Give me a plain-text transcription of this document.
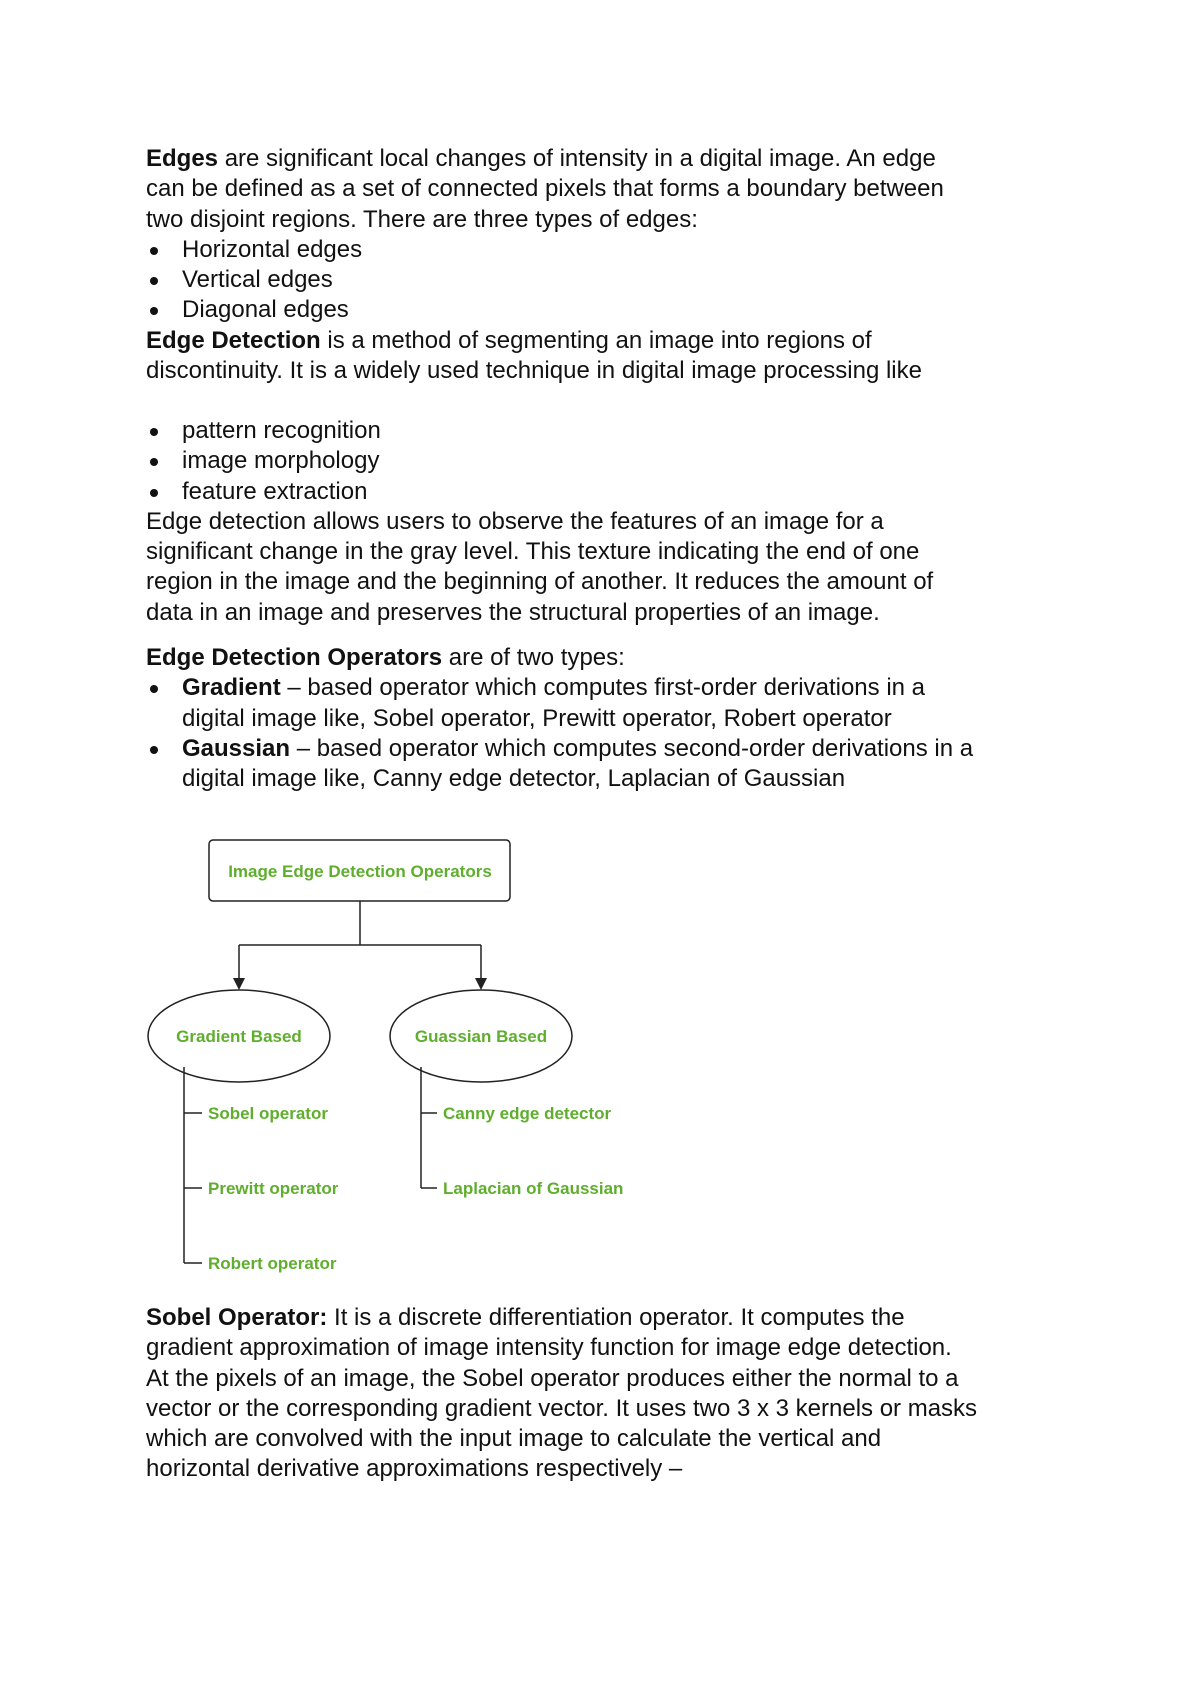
Edges are significant local changes of intensity in a digital image. An edge
can be defined as a set of connected pixels that forms a boundary between
two disjoint regions. There are three types of edges:
Horizontal edges
Vertical edges
Diagonal edges
Edge Detection is a method of segmenting an image into regions of
discontinuity. It is a widely used technique in digital image processing like
pattern recognition
image morphology
feature extraction
Edge detection allows users to observe the features of an image for a
significant change in the gray level. This texture indicating the end of one
region in the image and the beginning of another. It reduces the amount of
data in an image and preserves the structural properties of an image.
Edge Detection Operators are of two types:
Gradient – based operator which computes first-order derivations in a
digital image like, Sobel operator, Prewitt operator, Robert operator
Gaussian – based operator which computes second-order derivations in a
digital image like, Canny edge detector, Laplacian of Gaussian
Sobel Operator: It is a discrete differentiation operator. It computes the
gradient approximation of image intensity function for image edge detection.
At the pixels of an image, the Sobel operator produces either the normal to a
vector or the corresponding gradient vector. It uses two 3 x 3 kernels or masks
which are convolved with the input image to calculate the vertical and
horizontal derivative approximations respectively –
Image Edge Detection Operators
Gradient Based	Guassian Based
Sobel operator
Prewitt operator
Robert operator
Canny edge detector
Laplacian of Gaussian
